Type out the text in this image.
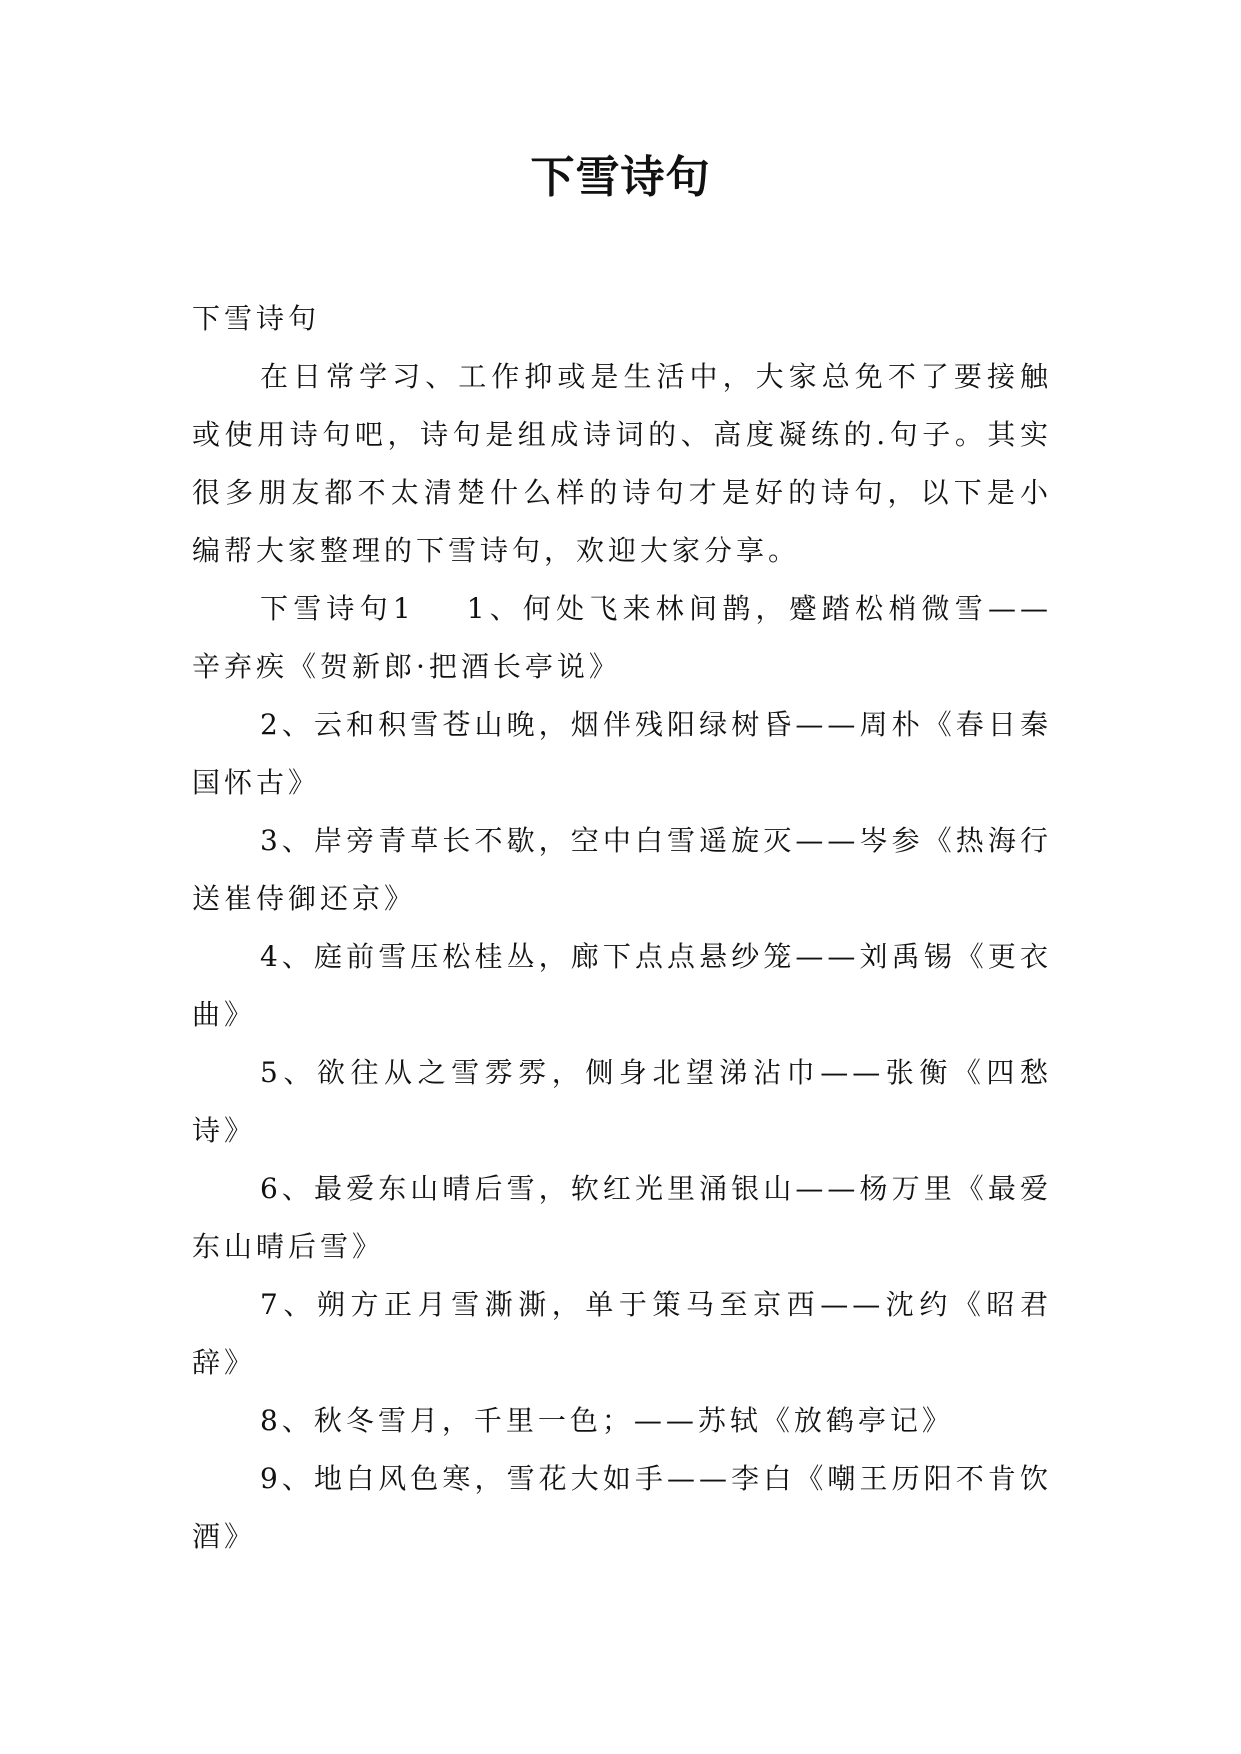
下雪诗句

下雪诗句

在日常学习、工作抑或是生活中，大家总免不了要接触或使用诗句吧，诗句是组成诗词的、高度凝练的.句子。其实很多朋友都不太清楚什么样的诗句才是好的诗句，以下是小编帮大家整理的下雪诗句，欢迎大家分享。

下雪诗句1 1、何处飞来林间鹊，蹙踏松梢微雪——辛弃疾《贺新郎·把酒长亭说》

2、云和积雪苍山晚，烟伴残阳绿树昏——周朴《春日秦国怀古》

3、岸旁青草长不歇，空中白雪遥旋灭——岑参《热海行送崔侍御还京》

4、庭前雪压松桂丛，廊下点点悬纱笼——刘禹锡《更衣曲》

5、欲往从之雪雰雰，侧身北望涕沾巾——张衡《四愁诗》

6、最爱东山晴后雪，软红光里涌银山——杨万里《最爱东山晴后雪》

7、朔方正月雪澌澌，单于策马至京西——沈约《昭君辞》

8、秋冬雪月，千里一色；——苏轼《放鹤亭记》

9、地白风色寒，雪花大如手——李白《嘲王历阳不肯饮酒》
